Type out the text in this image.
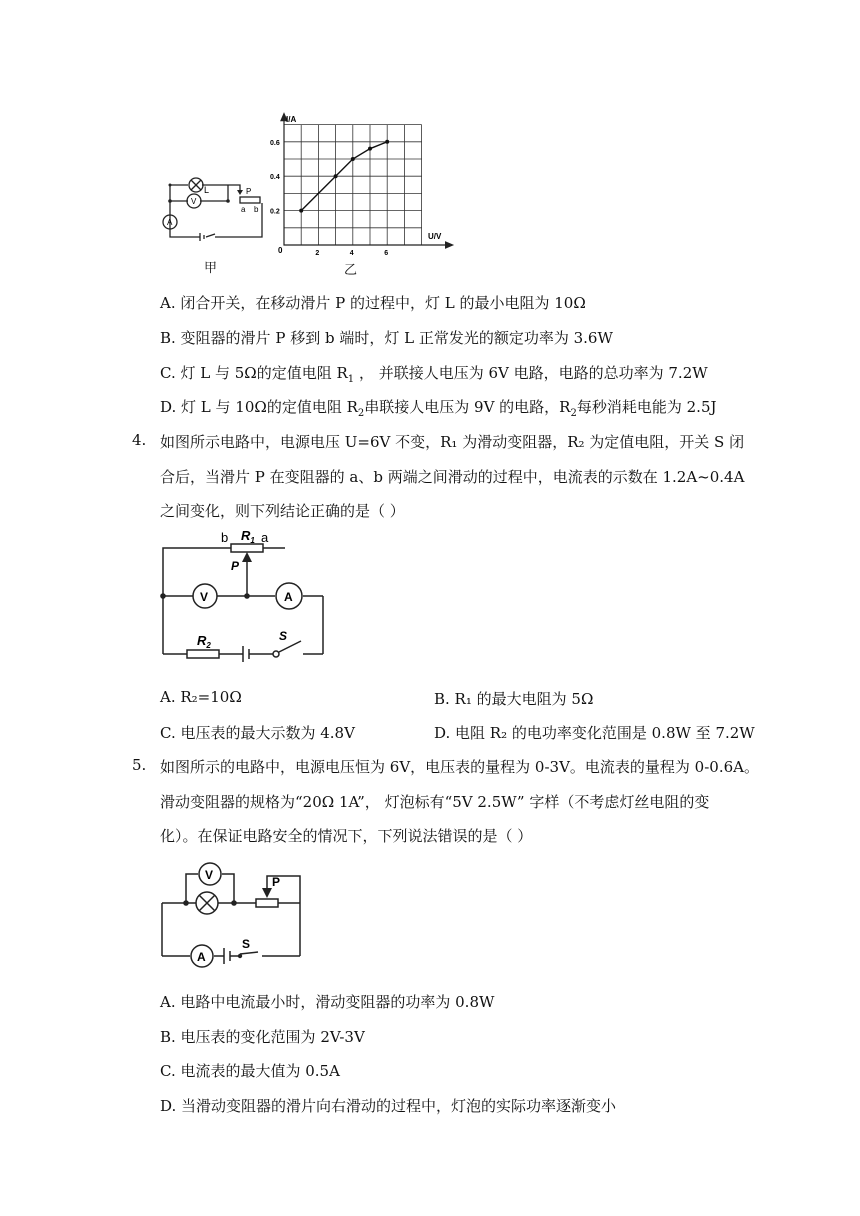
L
V
A
P
a b
甲
0.2
0.4
0.6
2	4	6
I/A
U/V
0
乙
A. 闭合开关，在移动滑片 P 的过程中，灯 L 的最小电阻为 10Ω
B. 变阻器的滑片 P 移到 b 端时，灯 L 正常发光的额定功率为 3.6W
C. 灯 L 与 5Ω的定值电阻 $R_1$ ， 并联接人电压为 6V 电路，电路的总功率为 7.2W
D. 灯 L 与 10Ω的定值电阻 $R_2$串联接人电压为 9V 的电路，$R_2$每秒消耗电能为 2.5J
4. 如图所示电路中，电源电压 U=6V 不变，R₁ 为滑动变阻器，R₂ 为定值电阻，开关 S 闭
合后，当滑片 P 在变阻器的 a、b 两端之间滑动的过程中，电流表的示数在 1.2A~0.4A
之间变化，则下列结论正确的是（ ）
b $R_1$ a
P
V	A
$R_2$
S
A. R₂=10Ω	B. R₁ 的最大电阻为 5Ω
C. 电压表的最大示数为 4.8V	D. 电阻 R₂ 的电功率变化范围是 0.8W 至 7.2W
5. 如图所示的电路中，电源电压恒为 6V，电压表的量程为 0-3V。电流表的量程为 0-0.6A。
滑动变阻器的规格为“20Ω 1A”， 灯泡标有“5V 2.5W” 字样（不考虑灯丝电阻的变
化）。在保证电路安全的情况下，下列说法错误的是（ ）
V	P
A
S
A. 电路中电流最小时，滑动变阻器的功率为 0.8W
B. 电压表的变化范围为 2V-3V
C. 电流表的最大值为 0.5A
D. 当滑动变阻器的滑片向右滑动的过程中，灯泡的实际功率逐渐变小
